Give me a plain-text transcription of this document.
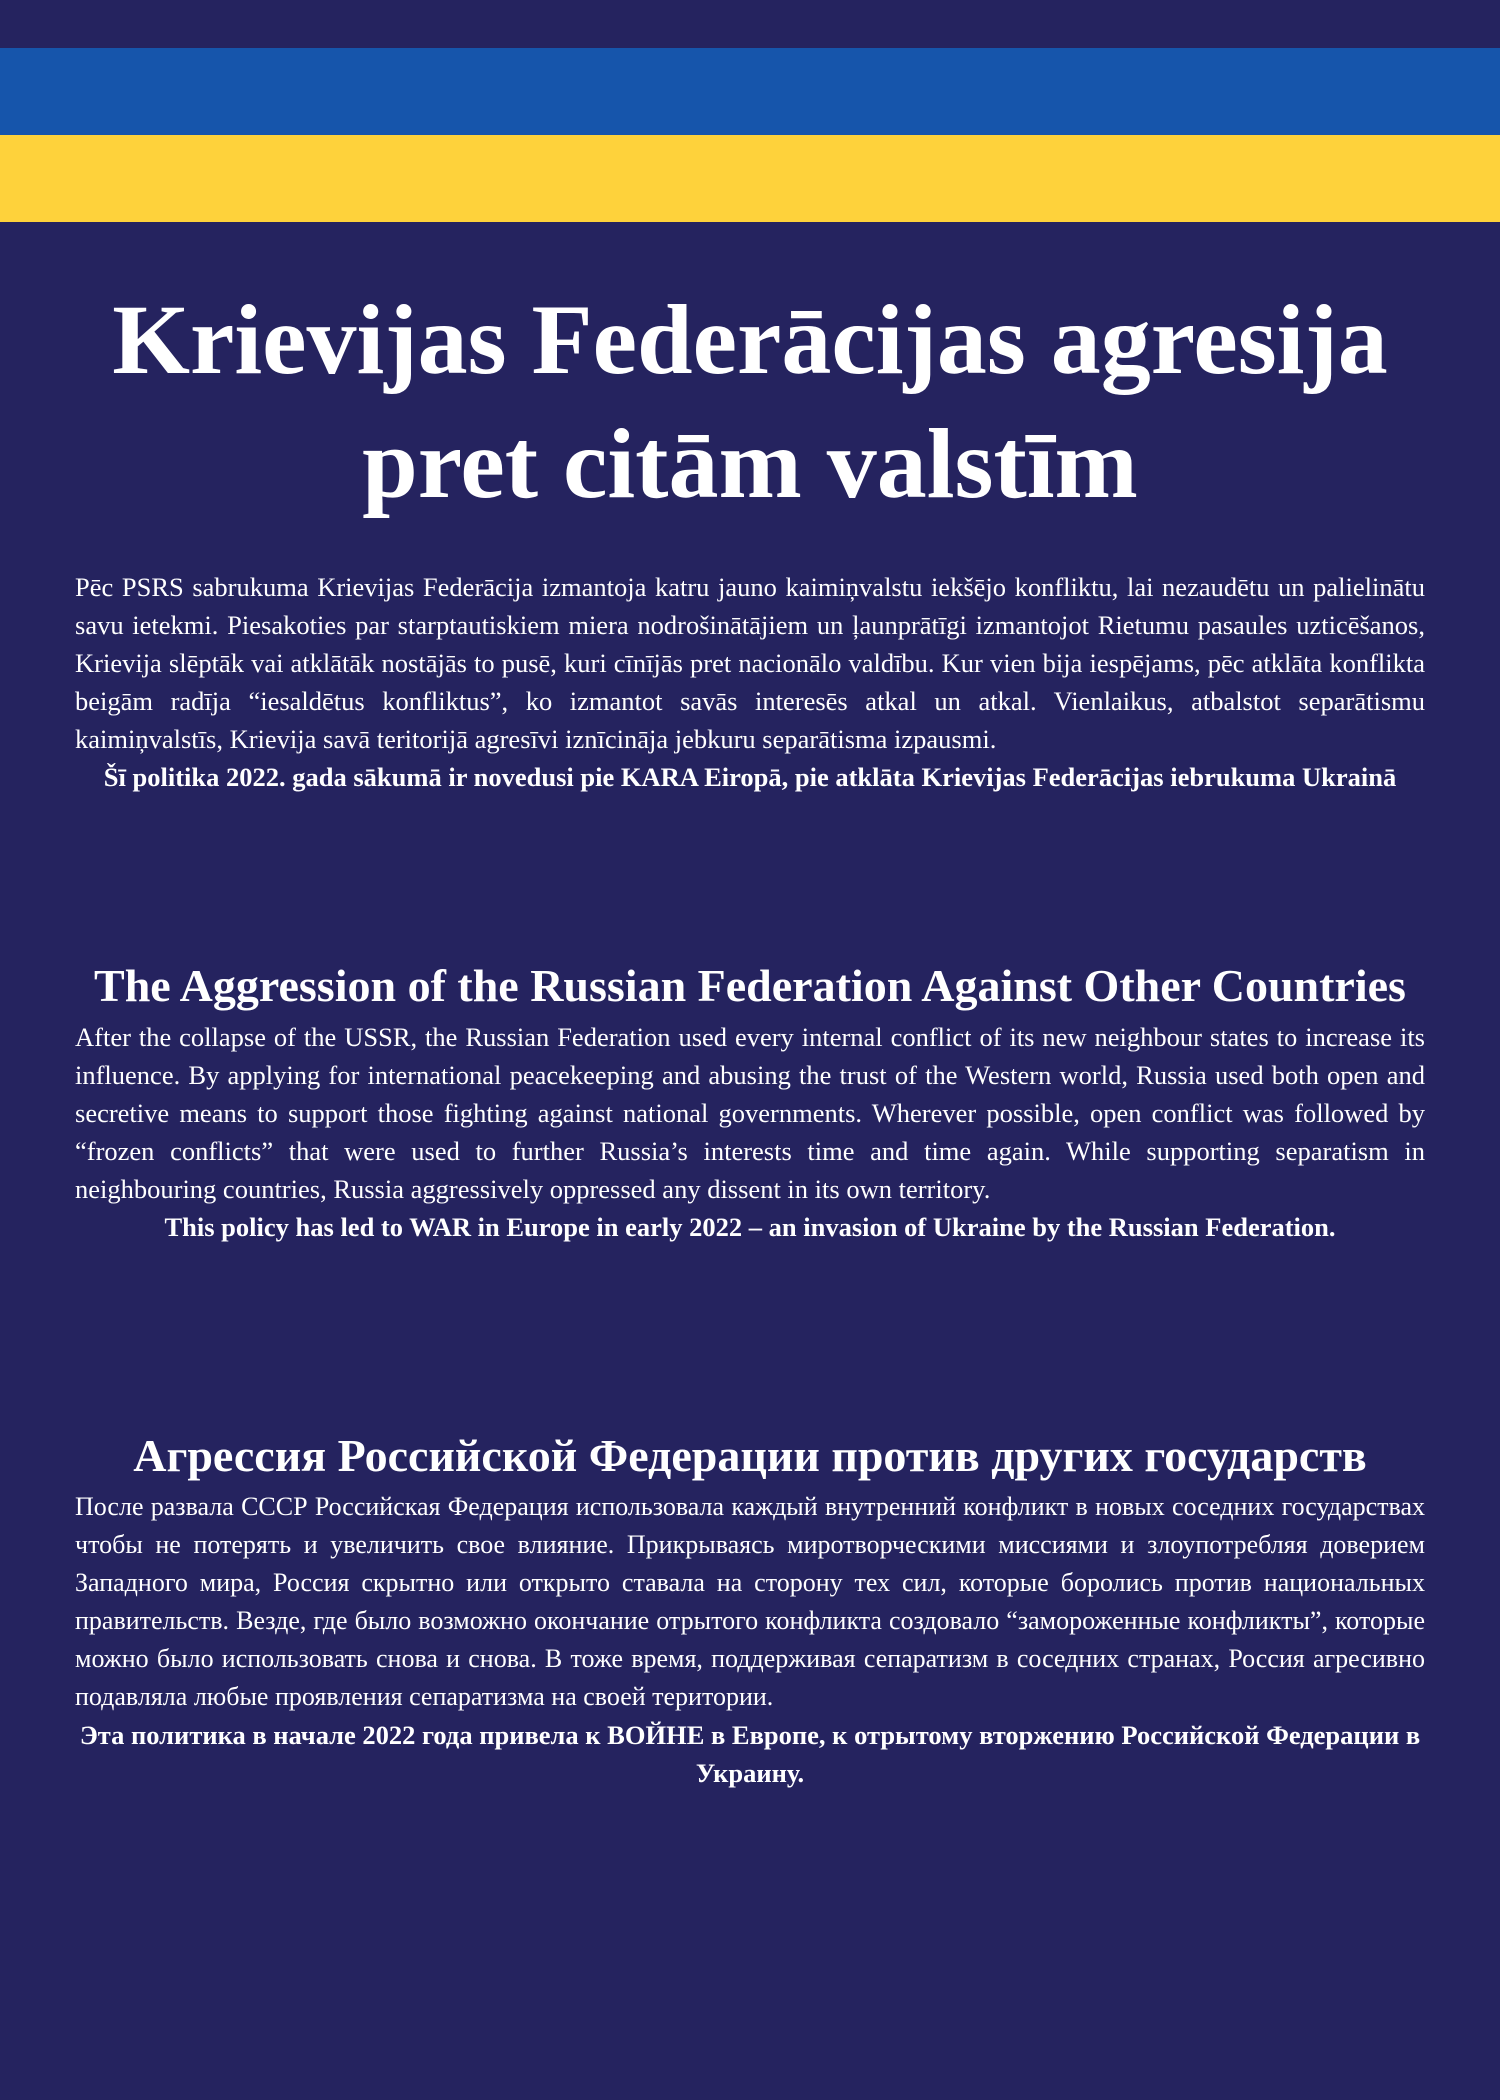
Krievijas Federācijas agresija
pret citām valstīm

Pēc PSRS sabrukuma Krievijas Federācija izmantoja katru jauno kaimiņvalstu iekšējo konfliktu, lai nezaudētu un palielinātu savu ietekmi. Piesakoties par starptautiskiem miera nodrošinātājiem un ļaunprātīgi izmantojot Rietumu pasaules uzticēšanos, Krievija slēptāk vai atklātāk nostājās to pusē, kuri cīnījās pret nacionālo valdību. Kur vien bija iespējams, pēc atklāta konflikta beigām radīja “iesaldētus konfliktus”, ko izmantot savās interesēs atkal un atkal. Vienlaikus, atbalstot separātismu kaimiņvalstīs, Krievija savā teritorijā agresīvi iznīcināja jebkuru separātisma izpausmi.

Šī politika 2022. gada sākumā ir novedusi pie KARA Eiropā, pie atklāta Krievijas Federācijas iebrukuma Ukrainā

The Aggression of the Russian Federation Against Other Countries

After the collapse of the USSR, the Russian Federation used every internal conflict of its new neighbour states to increase its influence. By applying for international peacekeeping and abusing the trust of the Western world, Russia used both open and secretive means to support those fighting against national governments. Wherever possible, open conflict was followed by “frozen conflicts” that were used to further Russia’s interests time and time again. While supporting separatism in neighbouring countries, Russia aggressively oppressed any dissent in its own territory.

This policy has led to WAR in Europe in early 2022 – an invasion of Ukraine by the Russian Federation.

Агрессия Российской Федерации против других государств

После развала СССР Российская Федерация использовала каждый внутренний конфликт в новых соседних государствах чтобы не потерять и увеличить свое влияние. Прикрываясь миротворческими миссиями и злоупотребляя доверием Западного мира, Россия скрытно или открыто ставала на сторону тех сил, которые боролись против национальных правительств. Везде, где было возможно окончание отрытого конфликта создовало “замороженные конфликты”, которые можно было использовать снова и снова. В тоже время, поддерживая сепаратизм в соседних странах, Россия агресивно подавляла любые проявления сепаратизма на своей територии.

Эта политика в начале 2022 года привела к ВОЙНЕ в Европе, к отрытому вторжению Российской Федерации в Украину.
